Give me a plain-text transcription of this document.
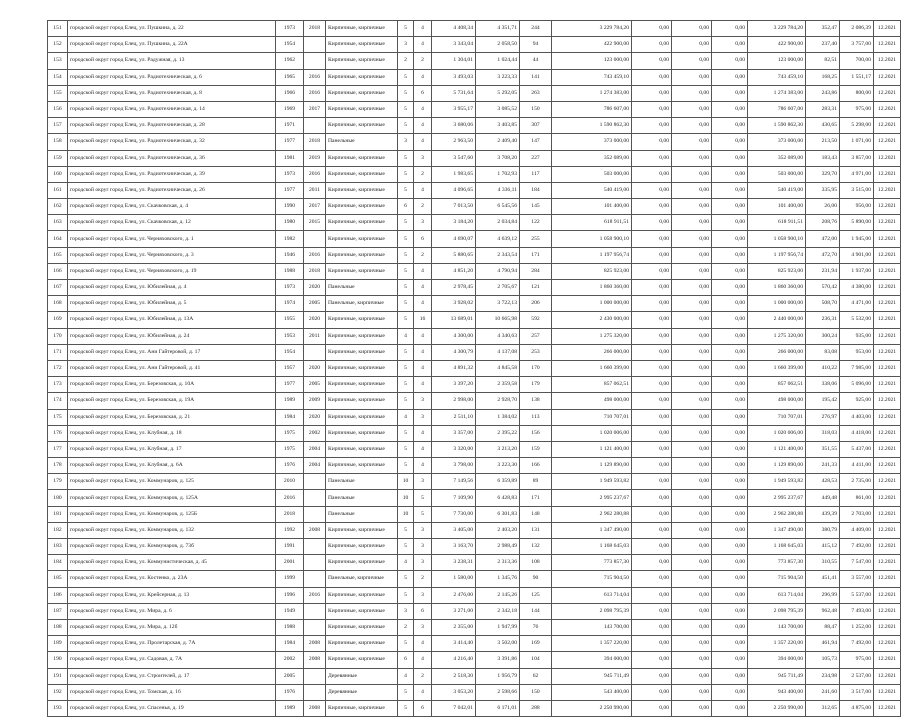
151	городской округ город Елец, ул. Пушкина, д. 22	1973	2018	Кирпичные, кирпичные	5	4	4 408,34	4 351,71	244	3 229 784,20	0,00	0,00	0,00	3 229 784,20	352,47	2 086,39	12.2021
152	городской округ город Елец, ул. Пушкина, д. 22А	1954		Кирпичные, кирпичные	3	4	3 343,04	2 058,50	94	422 900,00	0,00	0,00	0,00	422 900,00	237,40	3 757,00	12.2021
153	городской округ город Елец, ул. Радужная, д. 13	1962		Кирпичные, кирпичные	2	2	1 304,01	1 024,44	44	123 000,00	0,00	0,00	0,00	123 000,00	82,51	700,00	12.2021
154	городской округ город Елец, ул. Радиотехническая, д. 6	1965	2016	Кирпичные, кирпичные	5	4	3 493,03	3 223,33	141	743 459,10	0,00	0,00	0,00	743 459,10	168,25	1 551,17	12.2021
155	городской округ город Елец, ул. Радиотехническая, д. 8	1966	2016	Кирпичные, кирпичные	5	6	5 731,64	5 292,05	263	1 274 383,00	0,00	0,00	0,00	1 274 383,00	243,86	800,00	12.2021
156	городской округ город Елец, ул. Радиотехническая, д. 14	1969	2017	Кирпичные, кирпичные	5	4	3 955,17	3 085,52	150	786 607,00	0,00	0,00	0,00	786 607,00	283,31	975,00	12.2021
157	городской округ город Елец, ул. Радиотехническая, д. 28	1971		Кирпичные, кирпичные	5	4	3 680,06	3 403,85	307	1 590 862,30	0,00	0,00	0,00	1 590 862,30	430,65	5 298,00	12.2021
158	городской округ город Елец, ул. Радиотехническая, д. 32	1977	2018	Панельные	3	4	2 963,50	2 409,40	147	373 000,00	0,00	0,00	0,00	373 000,00	213,50	1 071,00	12.2021
159	городской округ город Елец, ул. Радиотехническая, д. 36	1981	2019	Кирпичные, кирпичные	5	3	3 547,60	3 708,20	227	352 089,00	0,00	0,00	0,00	352 089,00	183,43	3 857,00	12.2021
160	городской округ город Елец, ул. Радиотехническая, д. 39	1973	2016	Кирпичные, кирпичные	5	2	1 983,65	1 702,93	117	503 000,00	0,00	0,00	0,00	503 000,00	329,70	4 971,00	12.2021
161	городской округ город Елец, ул. Радиотехническая, д. 26	1977	2011	Кирпичные, кирпичные	5	4	4 096,65	4 336,11	184	540 419,00	0,00	0,00	0,00	540 419,00	335,95	3 515,00	12.2021
162	городской округ город Елец, ул. Скачковская, д. 4	1990	2017	Кирпичные, кирпичные	6	2	7 013,50	6 545,56	145	101 400,00	0,00	0,00	0,00	101 400,00	26,00	956,00	12.2021
163	городской округ город Елец, ул. Скачковская, д. 12	1980	2015	Кирпичные, кирпичные	5	3	3 184,20	2 034,84	122	618 911,51	0,00	0,00	0,00	618 911,51	208,76	5 890,00	12.2021
164	городской округ город Елец, ул. Черняховского, д. 1	1982		Кирпичные, кирпичные	5	6	4 690,07	4 639,12	255	1 058 900,10	0,00	0,00	0,00	1 058 900,10	472,00	1 945,00	12.2021
165	городской округ город Елец, ул. Черняховского, д. 3	1946	2016	Кирпичные, кирпичные	5	2	5 880,65	2 343,54	171	1 197 956,74	0,00	0,00	0,00	1 197 956,74	472,70	4 901,00	12.2021
166	городской округ город Елец, ул. Черняховского, д. 19	1988	2018	Кирпичные, кирпичные	5	4	4 851,20	4 790,94	284	825 923,00	0,00	0,00	0,00	825 923,00	231,94	1 937,00	12.2021
167	городской округ город Елец, ул. Юбилейная, д. 4	1973	2020	Панельные	5	4	2 978,45	2 705,67	121	1 860 360,00	0,00	0,00	0,00	1 860 360,00	570,42	4 380,00	12.2021
168	городской округ город Елец, ул. Юбилейная, д. 5	1974	2005	Панельные, кирпичные	5	4	3 928,02	3 722,13	206	1 000 000,00	0,00	0,00	0,00	1 000 000,00	508,70	4 471,00	12.2021
169	городской округ город Елец, ул. Юбилейная, д. 13А	1955	2020	Кирпичные, кирпичные	5	16	13 689,01	10 665,98	592	2 430 000,00	0,00	0,00	0,00	2 440 000,00	236,31	5 532,00	12.2021
170	городской округ город Елец, ул. Юбилейная, д. 24	1953	2011	Кирпичные, кирпичные	4	4	4 300,00	4 340,63	257	1 275 320,00	0,00	0,00	0,00	1 275 320,00	300,24	935,00	12.2021
171	городской округ город Елец, ул. Ани Гайтеровой, д. 17	1954		Кирпичные, кирпичные	5	4	4 300,79	4 137,08	253	266 000,00	0,00	0,00	0,00	266 000,00	83,08	953,00	12.2021
172	городской округ город Елец, ул. Ани Гайтеровой, д. 41	1957	2020	Кирпичные, кирпичные	5	4	4 891,32	4 845,58	170	1 660 399,00	0,00	0,00	0,00	1 660 399,00	410,22	7 985,00	12.2021
173	городской округ город Елец, ул. Березовская, д. 10А	1977	2005	Кирпичные, кирпичные	5	4	3 397,20	2 359,58	179	857 062,51	0,00	0,00	0,00	857 062,51	338,06	5 096,00	12.2021
174	городской округ город Елец, ул. Березовская, д. 19А	1989	2009	Кирпичные, кирпичные	5	3	2 998,00	2 928,70	138	498 000,00	0,00	0,00	0,00	498 000,00	195,42	925,00	12.2021
175	городской округ город Елец, ул. Березовская, д. 21	1984	2020	Кирпичные, кирпичные	4	3	2 511,10	1 384,02	113	710 707,01	0,00	0,00	0,00	710 707,01	276,97	4 403,00	12.2021
176	городской округ город Елец, ул. Клубная, д. 18	1975	2002	Кирпичные, кирпичные	5	4	3 357,00	2 395,22	156	1 020 006,00	0,00	0,00	0,00	1 020 006,00	318,03	4 418,00	12.2021
177	городской округ город Елец, ул. Клубная, д. 17	1975	2004	Кирпичные, кирпичные	5	4	3 320,00	3 213,20	159	1 121 400,00	0,00	0,00	0,00	1 121 400,00	351,55	5 437,00	12.2021
178	городской округ город Елец, ул. Клубная, д. 6А	1976	2004	Кирпичные, кирпичные	5	4	3 798,00	3 223,30	166	1 129 890,00	0,00	0,00	0,00	1 129 890,00	241,33	4 411,00	12.2021
179	городской округ город Елец, ул. Коммунаров, д. 125	2010		Панельные	10	3	7 149,56	6 359,89	89	1 949 593,82	0,00	0,00	0,00	1 949 593,82	428,53	2 735,00	12.2021
180	городской округ город Елец, ул. Коммунаров, д. 125А	2016		Панельные	10	5	7 109,90	6 428,83	171	2 995 237,67	0,00	0,00	0,00	2 995 237,67	449,48	861,00	12.2021
181	городской округ город Елец, ул. Коммунаров, д. 125Б	2018		Панельные	10	5	7 730,00	6 301,83	148	2 962 280,88	0,00	0,00	0,00	2 962 280,88	439,39	2 703,00	12.2021
182	городской округ город Елец, ул. Коммунаров, д. 132	1992	2008	Кирпичные, кирпичные	5	3	3 405,00	2 403,20	131	1 347 490,00	0,00	0,00	0,00	1 347 490,00	380,79	4 409,00	12.2021
183	городской округ город Елец, ул. Коммунаров, д. 73б	1991		Кирпичные, кирпичные	5	3	3 163,70	2 988,49	132	1 168 645,03	0,00	0,00	0,00	1 168 645,03	415,12	7 492,00	12.2021
184	городской округ город Елец, ул. Коммунистическая, д. 45	2001		Кирпичные, кирпичные	4	3	3 238,31	2 313,36	108	773 857,30	0,00	0,00	0,00	773 857,30	310,55	7 547,00	12.2021
185	городской округ город Елец, ул. Костенко, д. 23А	1999		Панельные, кирпичные	5	2	1 580,00	1 345,76	90	715 904,50	0,00	0,00	0,00	715 904,50	451,41	3 557,00	12.2021
186	городской округ город Елец, ул. Крейсерная, д. 13	1996	2016	Кирпичные, кирпичные	5	3	2 476,00	2 145,26	125	613 714,04	0,00	0,00	0,00	613 714,04	296,99	5 537,00	12.2021
187	городской округ город Елец, ул. Мира, д. 6	1949		Кирпичные, кирпичные	3	6	3 271,00	2 342,18	144	2 098 795,39	0,00	0,00	0,00	2 098 795,39	962,48	7 493,00	12.2021
188	городской округ город Елец, ул. Мира, д. 12б	1988		Кирпичные, кирпичные	2	3	2 355,00	1 947,99	76	143 700,00	0,00	0,00	0,00	143 700,00	88,47	1 252,00	12.2021
189	городской округ город Елец, ул. Пролетарская, д. 7А	1984	2008	Кирпичные, кирпичные	5	4	3 414,40	3 502,00	169	1 357 220,00	0,00	0,00	0,00	1 357 220,00	461,94	7 492,00	12.2021
190	городской округ город Елец, ул. Садовая, д. 7А	2002	2008	Кирпичные, кирпичные	6	4	4 216,40	3 391,86	104	394 000,00	0,00	0,00	0,00	394 000,00	105,73	975,00	12.2021
191	городской округ город Елец, ул. Строителей, д. 17	2005		Деревянные	4	2	2 518,30	1 956,79	62	945 711,49	0,00	0,00	0,00	945 711,49	234,98	2 537,00	12.2021
192	городской округ город Елец, ул. Томская, д. 16	1976		Деревянные	5	4	3 053,20	2 598,66	150	543 400,00	0,00	0,00	0,00	943 400,00	241,60	3 517,00	12.2021
193	городской округ город Елец, ул. Спасенья, д. 19	1989	2008	Кирпичные, кирпичные	5	6	7 042,01	6 171,01	288	2 250 990,00	0,00	0,00	0,00	2 250 990,00	312,65	4 875,00	12.2021
